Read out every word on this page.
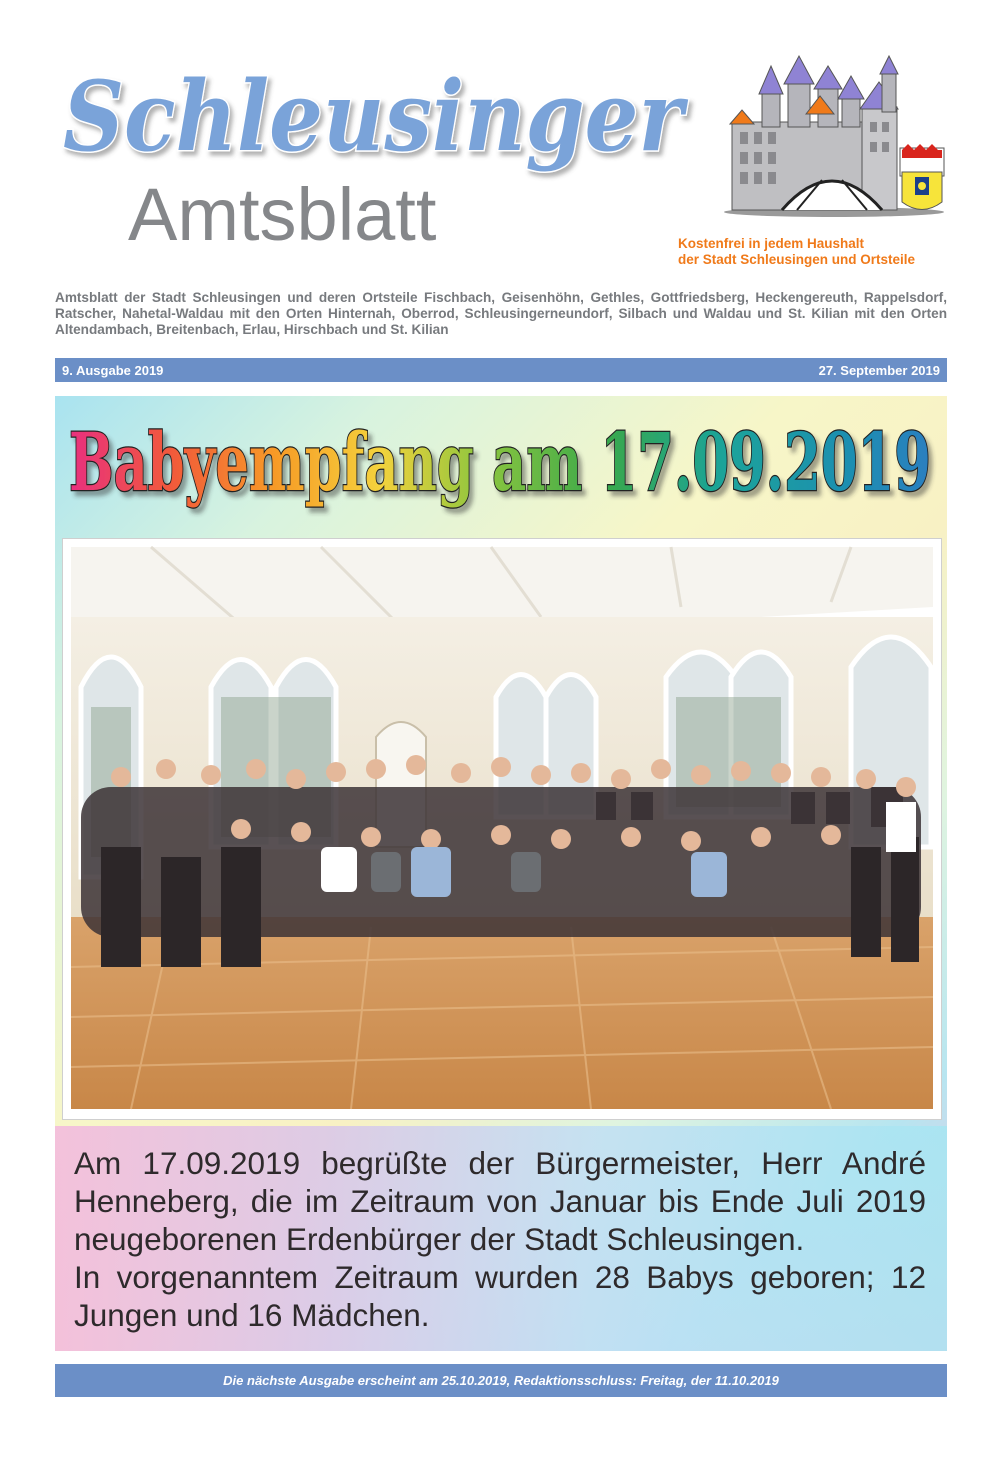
Schleusinger
Amtsblatt	Kostenfrei in jedem Haushalt
der Stadt Schleusingen und Ortsteile
Amtsblatt der Stadt Schleusingen und deren Ortsteile Fischbach, Geisenhöhn, Gethles, Gottfriedsberg, Heckengereuth, Rappelsdorf, Ratscher, Nahetal-Waldau mit den Orten Hinternah, Oberrod, Schleusingerneundorf, Silbach und Waldau und St. Kilian mit den Orten Altendambach, Breitenbach, Erlau, Hirschbach und St. Kilian
9. Ausgabe 2019	27. September 2019
Babyempfang am 17.09.2019
Am 17.09.2019 begrüßte der Bürgermeister, Herr André Henneberg, die im Zeitraum von Januar bis Ende Juli 2019 neugeborenen Erdenbürger der Stadt Schleusingen.
In vorgenanntem Zeitraum wurden 28 Babys geboren; 12 Jungen und 16 Mädchen.
Die nächste Ausgabe erscheint am 25.10.2019, Redaktionsschluss: Freitag, der 11.10.2019
